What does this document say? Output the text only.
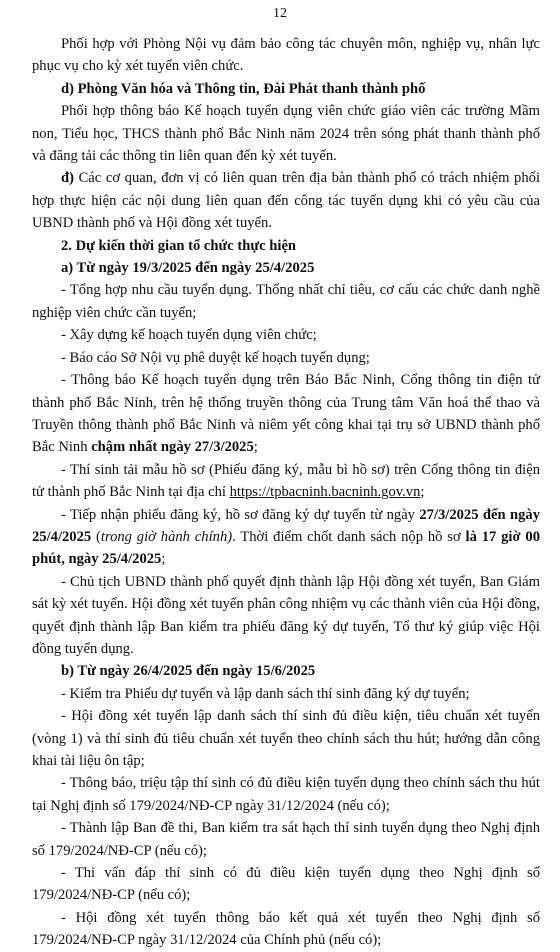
12

Phối hợp với Phòng Nội vụ đảm bảo công tác chuyên môn, nghiệp vụ, nhân lực phục vụ cho kỳ xét tuyển viên chức.

d) Phòng Văn hóa và Thông tin, Đài Phát thanh thành phố

Phối hợp thông báo Kế hoạch tuyển dụng viên chức giáo viên các trường Mầm non, Tiểu học, THCS thành phố Bắc Ninh năm 2024 trên sóng phát thanh thành phố và đăng tải các thông tin liên quan đến kỳ xét tuyển.

đ) Các cơ quan, đơn vị có liên quan trên địa bàn thành phố có trách nhiệm phối hợp thực hiện các nội dung liên quan đến công tác tuyển dụng khi có yêu cầu của UBND thành phố và Hội đồng xét tuyển.

2. Dự kiến thời gian tổ chức thực hiện

a) Từ ngày 19/3/2025 đến ngày 25/4/2025

- Tổng hợp nhu cầu tuyển dụng. Thống nhất chỉ tiêu, cơ cấu các chức danh nghề nghiệp viên chức cần tuyển;

- Xây dựng kế hoạch tuyển dụng viên chức;

- Báo cáo Sở Nội vụ phê duyệt kế hoạch tuyển dụng;

- Thông báo Kế hoạch tuyển dụng trên Báo Bắc Ninh, Cổng thông tin điện tử thành phố Bắc Ninh, trên hệ thống truyền thông của Trung tâm Văn hoá thể thao và Truyền thông thành phố Bắc Ninh và niêm yết công khai tại trụ sở UBND thành phố Bắc Ninh chậm nhất ngày 27/3/2025;

- Thí sinh tải mẫu hồ sơ (Phiếu đăng ký, mẫu bì hồ sơ) trên Cổng thông tin điện tử thành phố Bắc Ninh tại địa chỉ https://tpbacninh.bacninh.gov.vn;

- Tiếp nhận phiếu đăng ký, hồ sơ đăng ký dự tuyển từ ngày 27/3/2025 đến ngày 25/4/2025 (trong giờ hành chính). Thời điểm chốt danh sách nộp hồ sơ là 17 giờ 00 phút, ngày 25/4/2025;

- Chủ tịch UBND thành phố quyết định thành lập Hội đồng xét tuyển, Ban Giám sát kỳ xét tuyển. Hội đồng xét tuyển phân công nhiệm vụ các thành viên của Hội đồng, quyết định thành lập Ban kiểm tra phiếu đăng ký dự tuyển, Tổ thư ký giúp việc Hội đồng tuyển dụng.

b) Từ ngày 26/4/2025 đến ngày 15/6/2025

- Kiểm tra Phiếu dự tuyển và lập danh sách thí sinh đăng ký dự tuyển;

- Hội đồng xét tuyển lập danh sách thí sinh đủ điều kiện, tiêu chuẩn xét tuyển (vòng 1) và thí sinh đủ tiêu chuẩn xét tuyển theo chính sách thu hút; hướng dẫn công khai tài liệu ôn tập;

- Thông báo, triệu tập thí sinh có đủ điều kiện tuyển dụng theo chính sách thu hút tại Nghị định số 179/2024/NĐ-CP ngày 31/12/2024 (nếu có);

- Thành lập Ban đề thi, Ban kiểm tra sát hạch thí sinh tuyển dụng theo Nghị định số 179/2024/NĐ-CP (nếu có);

- Thi vấn đáp thí sinh có đủ điều kiện tuyển dụng theo Nghị định số 179/2024/NĐ-CP (nếu có);

- Hội đồng xét tuyển thông báo kết quả xét tuyển theo Nghị định số 179/2024/NĐ-CP ngày 31/12/2024 của Chính phủ (nếu có);
